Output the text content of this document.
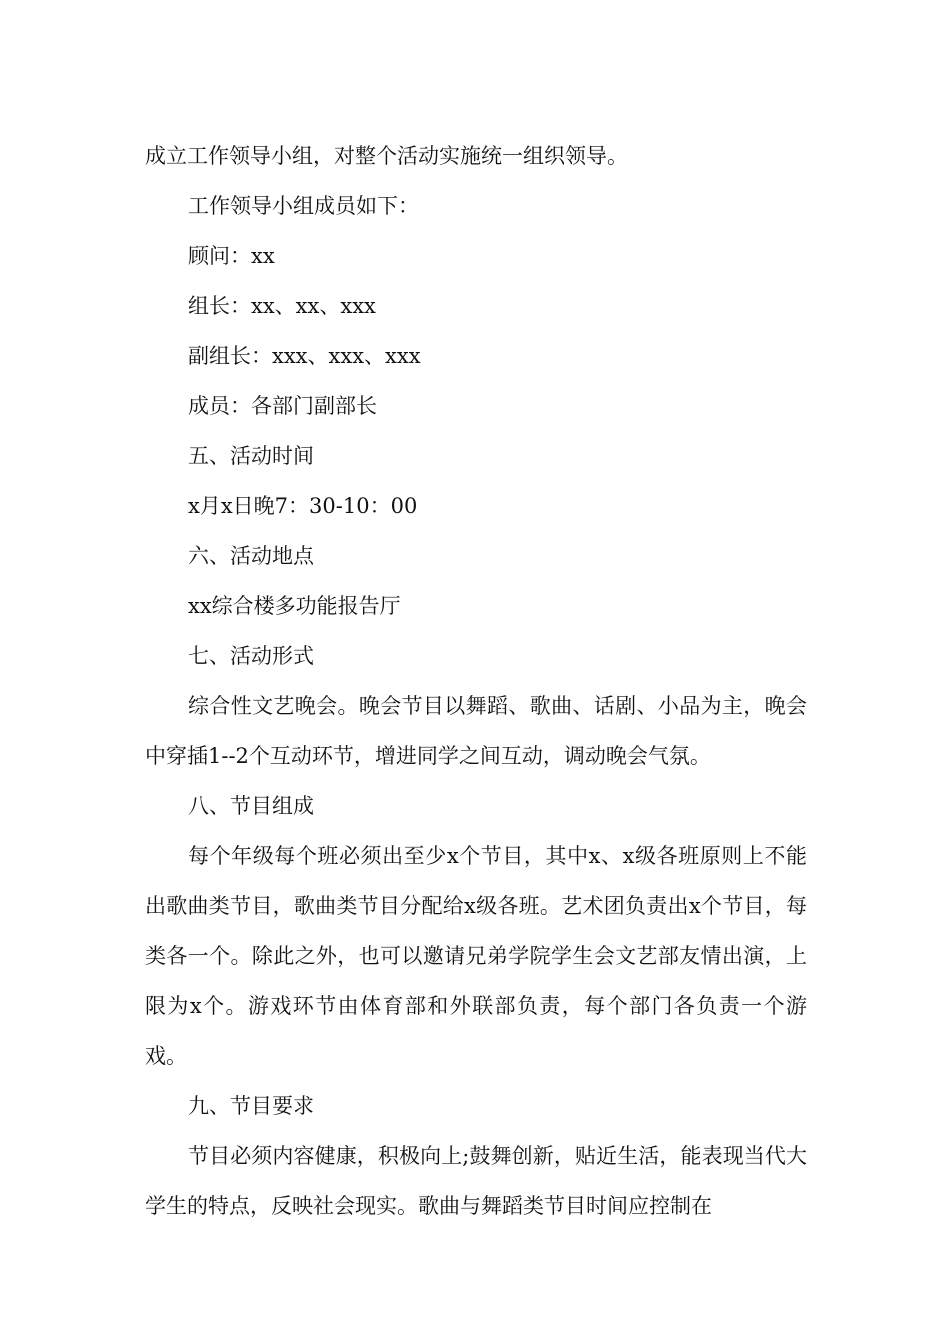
成立工作领导小组，对整个活动实施统一组织领导。

工作领导小组成员如下：

顾问：xx

组长：xx、xx、xxx

副组长：xxx、xxx、xxx

成员：各部门副部长

五、活动时间

x月x日晚7：30-10：00

六、活动地点

xx综合楼多功能报告厅

七、活动形式

综合性文艺晚会。晚会节目以舞蹈、歌曲、话剧、小品为主，晚会中穿插1--2个互动环节，增进同学之间互动，调动晚会气氛。

八、节目组成

每个年级每个班必须出至少x个节目，其中x、x级各班原则上不能出歌曲类节目，歌曲类节目分配给x级各班。艺术团负责出x个节目，每类各一个。除此之外，也可以邀请兄弟学院学生会文艺部友情出演，上限为x个。游戏环节由体育部和外联部负责，每个部门各负责一个游戏。

九、节目要求

节目必须内容健康，积极向上;鼓舞创新，贴近生活，能表现当代大学生的特点，反映社会现实。歌曲与舞蹈类节目时间应控制在
